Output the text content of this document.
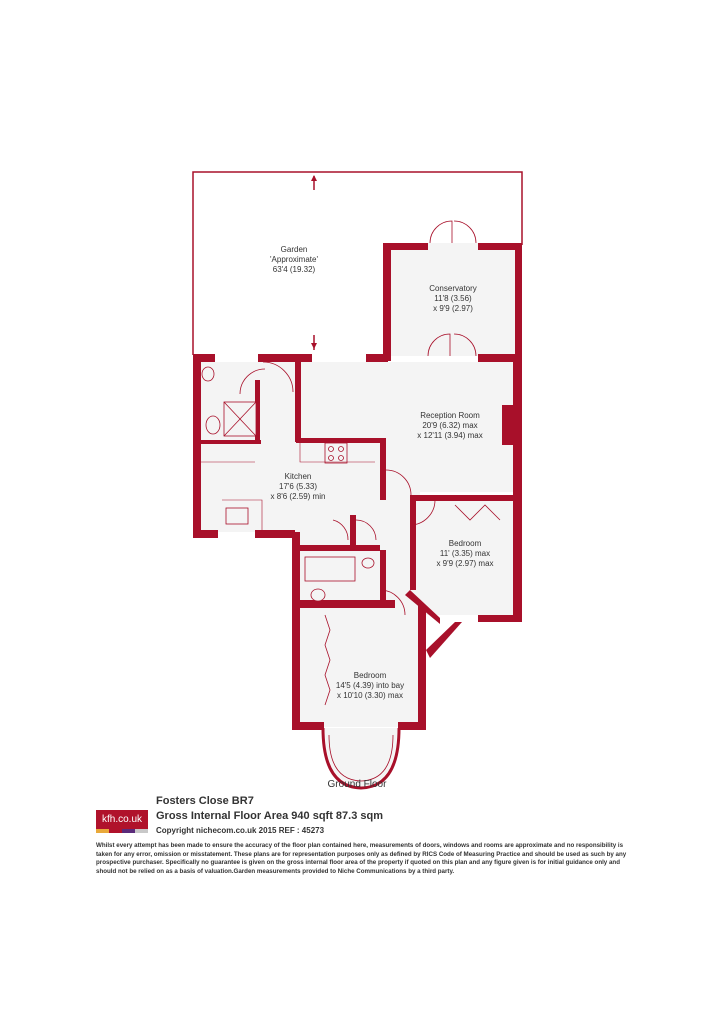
Garden
'Approximate'
63'4 (19.32)
Conservatory
11'8 (3.56)
x 9'9 (2.97)
Reception Room
20'9 (6.32) max
x 12'11 (3.94) max
Kitchen
17'6 (5.33)
x 8'6 (2.59) min
Bedroom
11' (3.35) max
x 9'9 (2.97) max
Bedroom
14'5 (4.39) into bay
x 10'10 (3.30) max
Ground Floor
kfh.co.uk
Fosters Close BR7
Gross Internal Floor Area 940 sqft 87.3 sqm
Copyright nichecom.co.uk 2015 REF : 45273
Whilst every attempt has been made to ensure the accuracy of the floor plan contained here, measurements of doors, windows and rooms are approximate and no responsibility is taken for any error, omission or misstatement. These plans are for representation purposes only as defined by RICS Code of Measuring Practice and should be used as such by any prospective purchaser. Specifically no guarantee is given on the gross internal floor area of the property if quoted on this plan and any figure given is for initial guidance only and should not be relied on as a basis of valuation.Garden measurements provided to Niche Communications by a third party.
